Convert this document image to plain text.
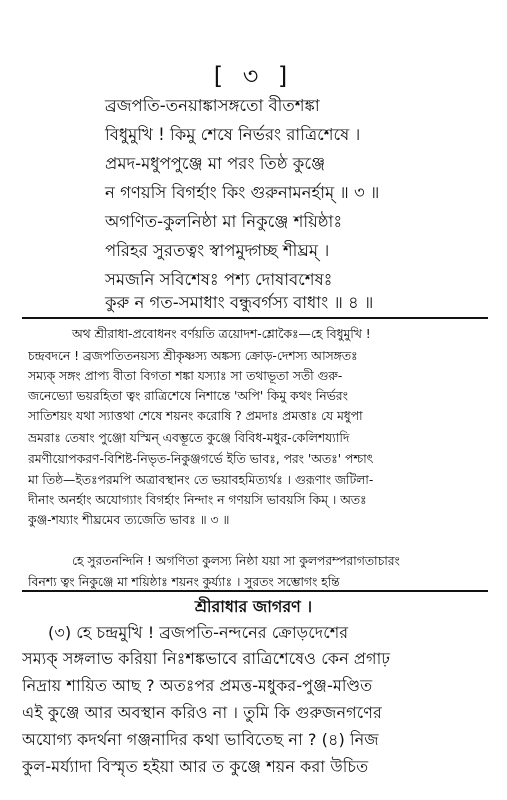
[ ৩ ]
ব্রজপতি-তনয়াঙ্কাসঙ্গতো বীতশঙ্কা
বিধুমুখি ! কিমু শেষে নির্ভরং রাত্রিশেষে ।
প্রমদ-মধুপপুঞ্জে মা পরং তিষ্ঠ কুঞ্জে
ন গণয়সি বিগর্হাং কিং গুরুনামনর্হাম্ ॥ ৩ ॥
অগণিত-কুলনিষ্ঠা মা নিকুঞ্জে শয়িষ্ঠাঃ
পরিহর সুরতত্বং স্বাপমুদ্গচ্ছ শীঘ্রম্ ।
সমজনি সবিশেষঃ পশ্য দোষাবশেষঃ
কুরু ন গত-সমাধাং বন্ধুবর্গস্য বাধাং ॥ ৪ ॥
অথ শ্রীরাধা-প্রবোধনং বর্ণয়তি ত্রয়োদশ-শ্লোকৈঃ—হে বিধুমুখি !
চন্দ্রবদনে ! ব্রজপতিতনয়স্য শ্রীকৃষ্ণস্য অঙ্কস্য ক্রোড়-দেশস্য আসঙ্গতঃ
সম্যক্ সঙ্গং প্রাপ্য বীতা বিগতা শঙ্কা যস্যাঃ সা তথাভূতা সতী গুরু-
জনেভ্যো ভয়রহিতা ত্বং রাত্রিশেষে নিশান্তে 'অপি' কিমু কথং নির্ভরং
সাতিশয়ং যথা স্যাত্তথা শেষে শয়নং করোষি ? প্রমদাঃ প্রমত্তাঃ যে মধুপা
ভ্রমরাঃ তেষাং পুঞ্জো যস্মিন্ এবম্ভূতে কুঞ্জে বিবিধ-মধুর-কেলিশয্যাদি
রমণীয়োপকরণ-বিশিষ্ট-নিভৃত-নিকুঞ্জগর্ভে ইতি ভাবঃ, পরং 'অতঃ' পশ্চাৎ
মা তিষ্ঠ—ইতঃপরমপি অত্রাবস্থানং তে ভয়াবহমিত্যর্থঃ । গুরূণাং জটিলা-
দীনাং অনর্হাং অযোগ্যাং বিগর্হাং নিন্দাং ন গণয়সি ভাবয়সি কিম্ । অতঃ
কুঞ্জ-শয্যাং শীঘ্রমেব ত্যজেতি ভাবঃ ॥ ৩ ॥
হে সুরতনন্দিনি ! অগণিতা কুলস্য নিষ্ঠা যয়া সা কুলপরম্পরাগতাচারং
বিনশ্য ত্বং নিকুঞ্জে মা শয়িষ্ঠাঃ শয়নং কুর্য্যাঃ । সুরতং সম্ভোগং হন্তি
শ্রীরাধার জাগরণ ।
(৩) হে চন্দ্রমুখি ! ব্রজপতি-নন্দনের ক্রোড়দেশের
সম্যক্ সঙ্গলাভ করিয়া নিঃশঙ্কভাবে রাত্রিশেষেও কেন প্রগাঢ়
নিদ্রায় শায়িত আছ ? অতঃপর প্রমত্ত-মধুকর-পুঞ্জ-মণ্ডিত
এই কুঞ্জে আর অবস্থান করিও না । তুমি কি গুরুজনগণের
অযোগ্য কদর্থনা গঞ্জনাদির কথা ভাবিতেছ না ? (৪) নিজ
কুল-মর্য্যাদা বিস্মৃত হইয়া আর ত কুঞ্জে শয়ন করা উচিত
